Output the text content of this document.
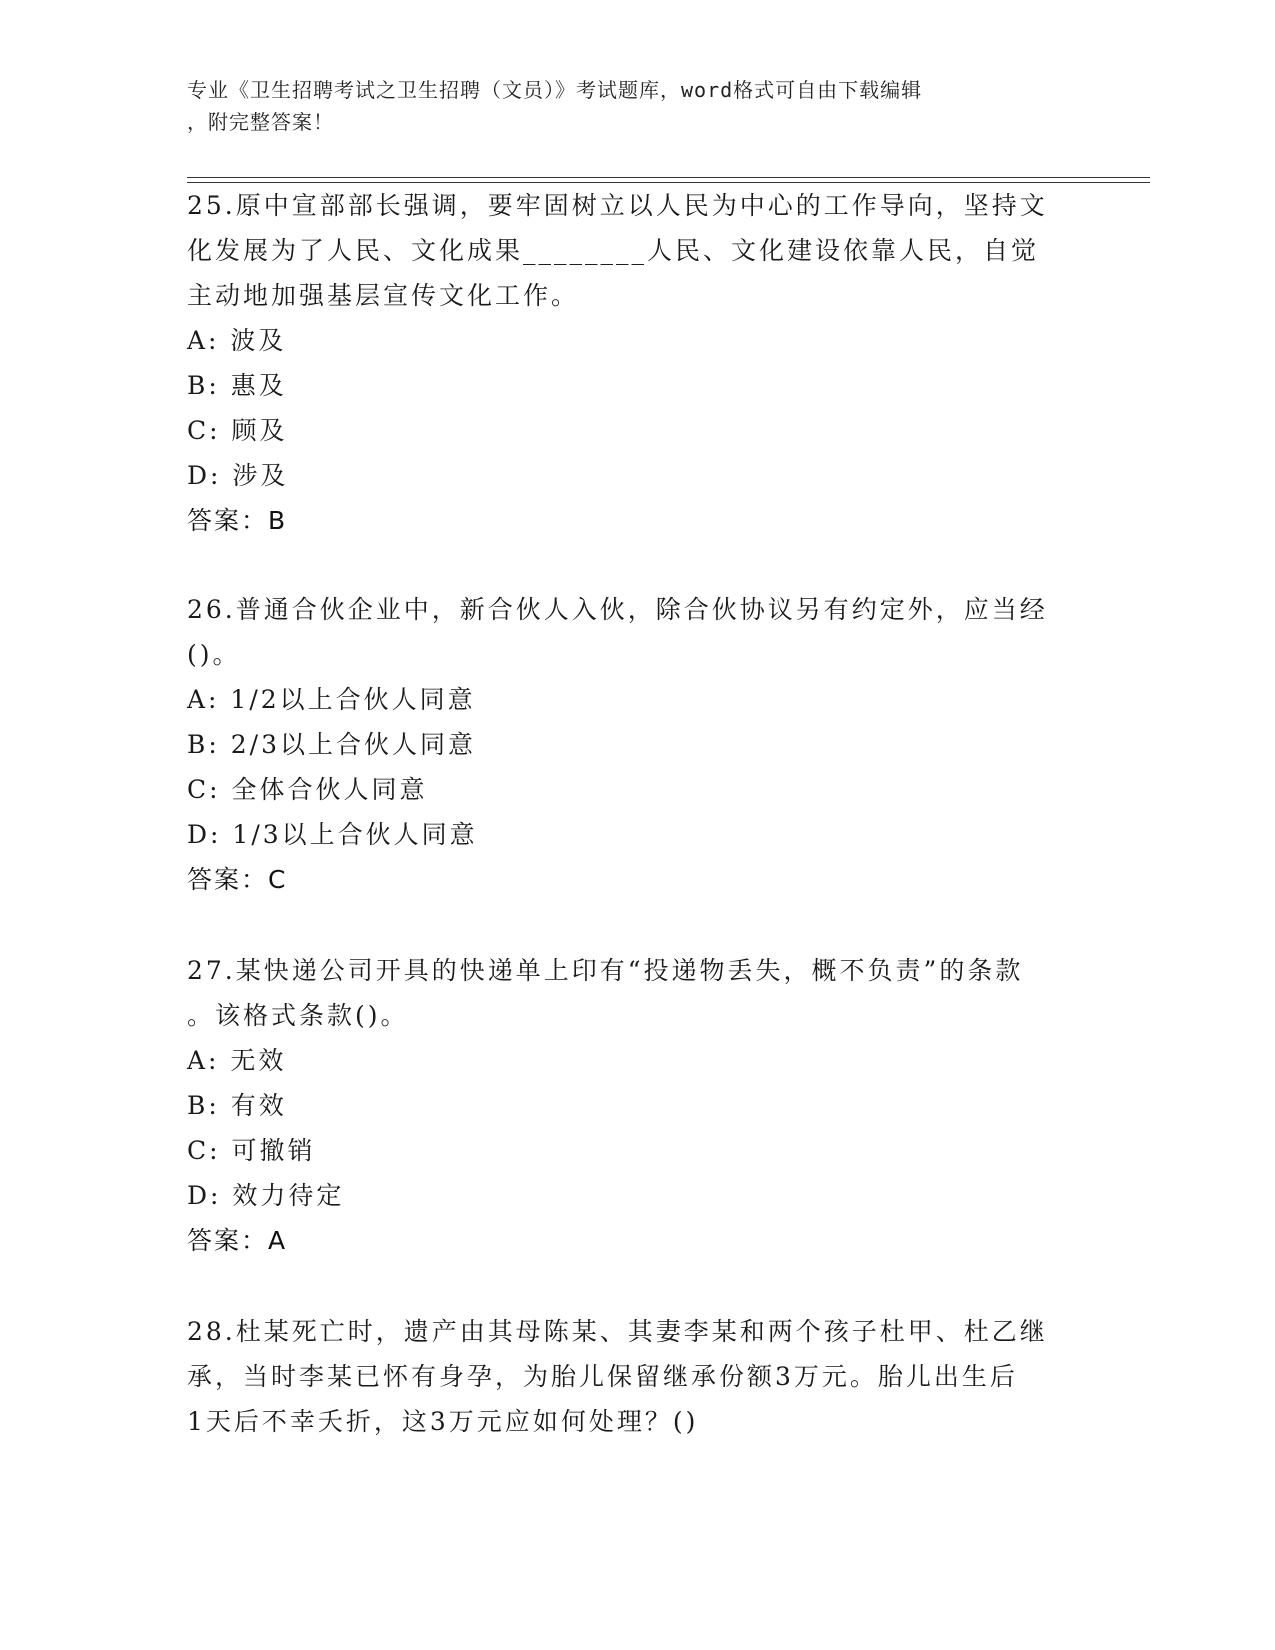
专业《卫生招聘考试之卫生招聘（文员）》考试题库，word格式可自由下载编辑
，附完整答案！
25.原中宣部部长强调，要牢固树立以人民为中心的工作导向，坚持文
化发展为了人民、文化成果________人民、文化建设依靠人民，自觉
主动地加强基层宣传文化工作。
A: 波及
B: 惠及
C: 顾及
D: 涉及
答案：B
26.普通合伙企业中，新合伙人入伙，除合伙协议另有约定外，应当经
()。
A: 1/2以上合伙人同意
B: 2/3以上合伙人同意
C: 全体合伙人同意
D: 1/3以上合伙人同意
答案：C
27.某快递公司开具的快递单上印有“投递物丢失，概不负责”的条款
。该格式条款()。
A: 无效
B: 有效
C: 可撤销
D: 效力待定
答案：A
28.杜某死亡时，遗产由其母陈某、其妻李某和两个孩子杜甲、杜乙继
承，当时李某已怀有身孕，为胎儿保留继承份额3万元。胎儿出生后
1天后不幸夭折，这3万元应如何处理？()
